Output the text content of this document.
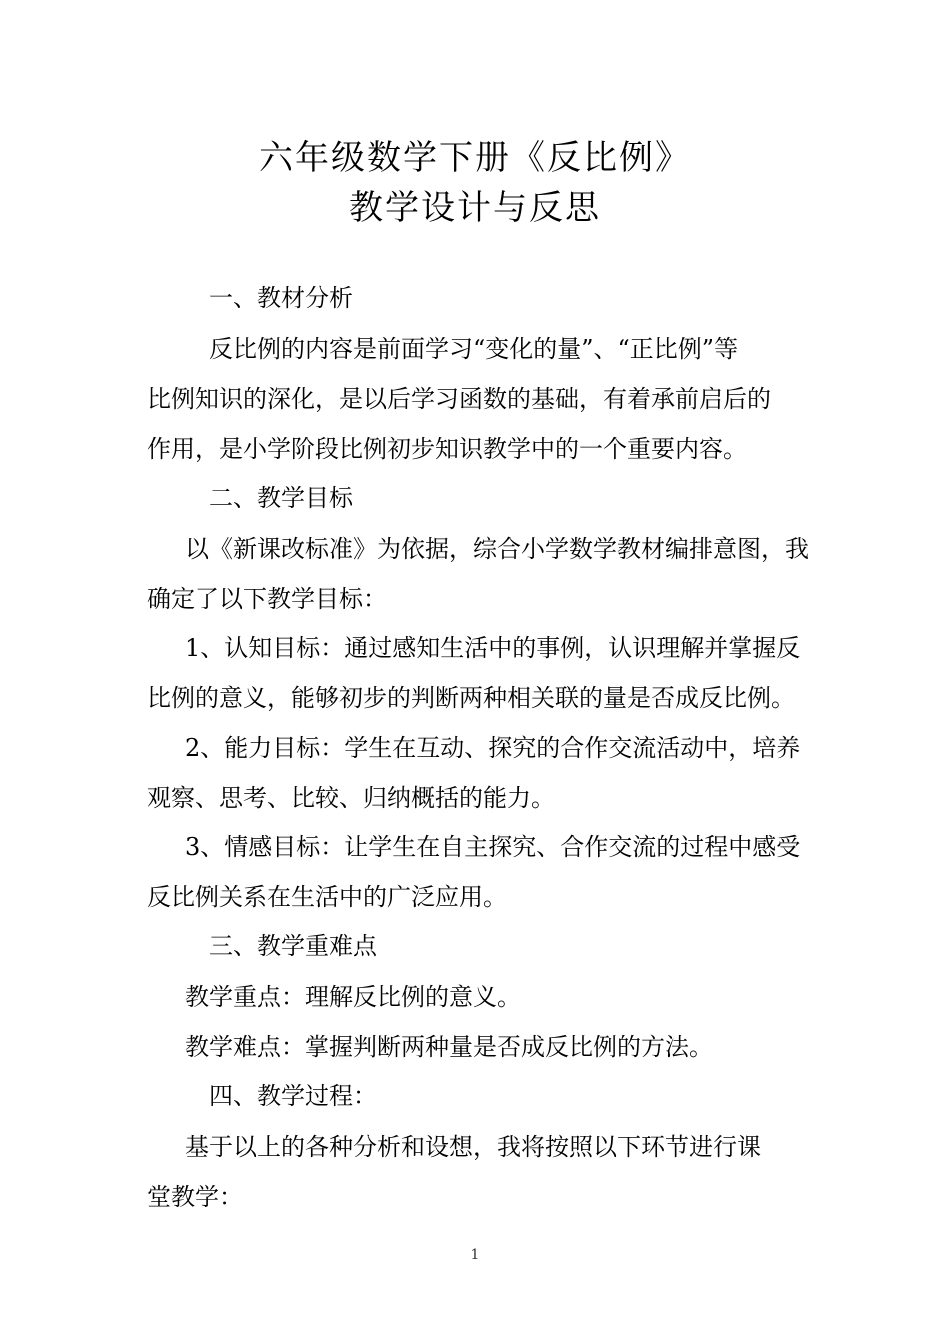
六年级数学下册《反比例》
教学设计与反思
　一、教材分析
　反比例的内容是前面学习“变化的量”、“正比例”等
比例知识的深化，是以后学习函数的基础，有着承前启后的
作用，是小学阶段比例初步知识教学中的一个重要内容。
　二、教学目标
以《新课改标准》为依据，综合小学数学教材编排意图，我
确定了以下教学目标：
1、认知目标：通过感知生活中的事例，认识理解并掌握反
比例的意义，能够初步的判断两种相关联的量是否成反比例。
2、能力目标：学生在互动、探究的合作交流活动中，培养
观察、思考、比较、归纳概括的能力。
3、情感目标：让学生在自主探究、合作交流的过程中感受
反比例关系在生活中的广泛应用。
　三、教学重难点
教学重点：理解反比例的意义。
教学难点：掌握判断两种量是否成反比例的方法。
　四、教学过程：
基于以上的各种分析和设想，我将按照以下环节进行课
堂教学：
1
